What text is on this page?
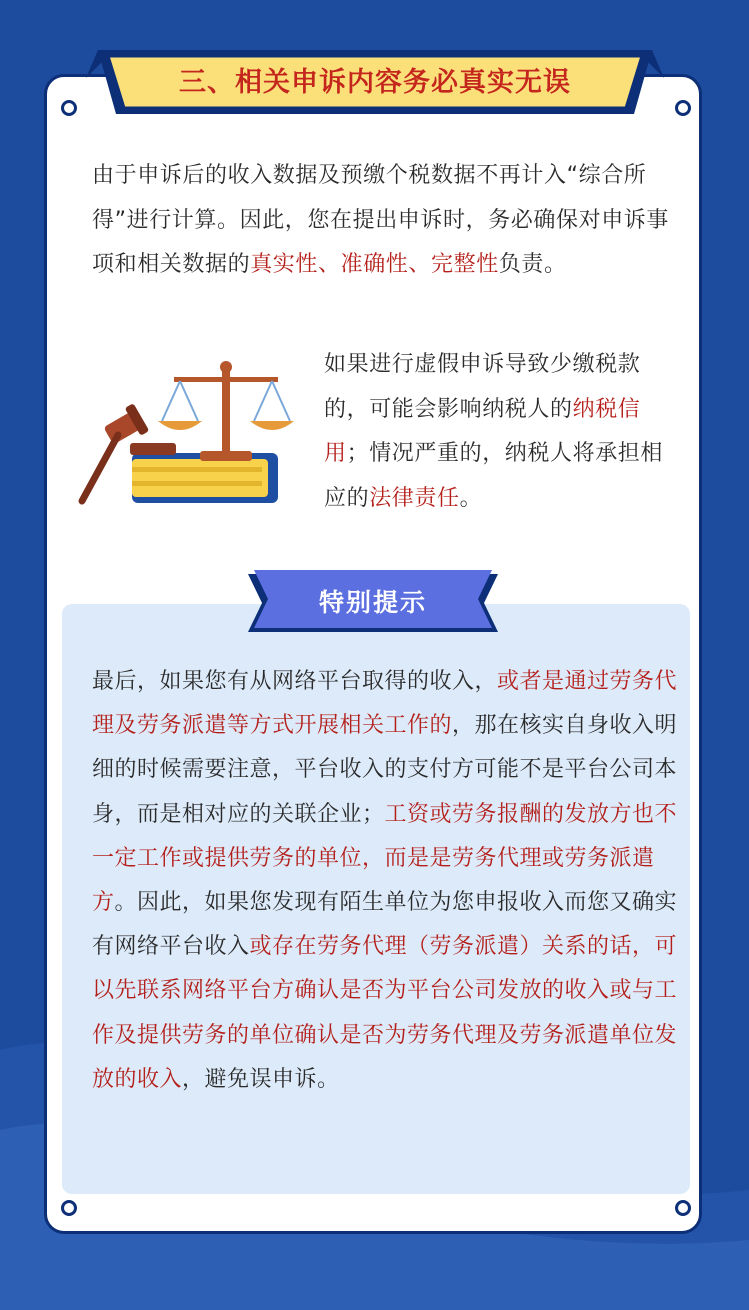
三、相关申诉内容务必真实无误

由于申诉后的收入数据及预缴个税数据不再计入“综合所得”进行计算。因此，您在提出申诉时，务必确保对申诉事项和相关数据的真实性、准确性、完整性负责。

如果进行虚假申诉导致少缴税款的，可能会影响纳税人的纳税信用；情况严重的，纳税人将承担相应的法律责任。

特别提示

最后，如果您有从网络平台取得的收入，或者是通过劳务代理及劳务派遣等方式开展相关工作的，那在核实自身收入明细的时候需要注意，平台收入的支付方可能不是平台公司本身，而是相对应的关联企业；工资或劳务报酬的发放方也不一定工作或提供劳务的单位，而是是劳务代理或劳务派遣方。因此，如果您发现有陌生单位为您申报收入而您又确实有网络平台收入或存在劳务代理（劳务派遣）关系的话，可以先联系网络平台方确认是否为平台公司发放的收入或与工作及提供劳务的单位确认是否为劳务代理及劳务派遣单位发放的收入，避免误申诉。
